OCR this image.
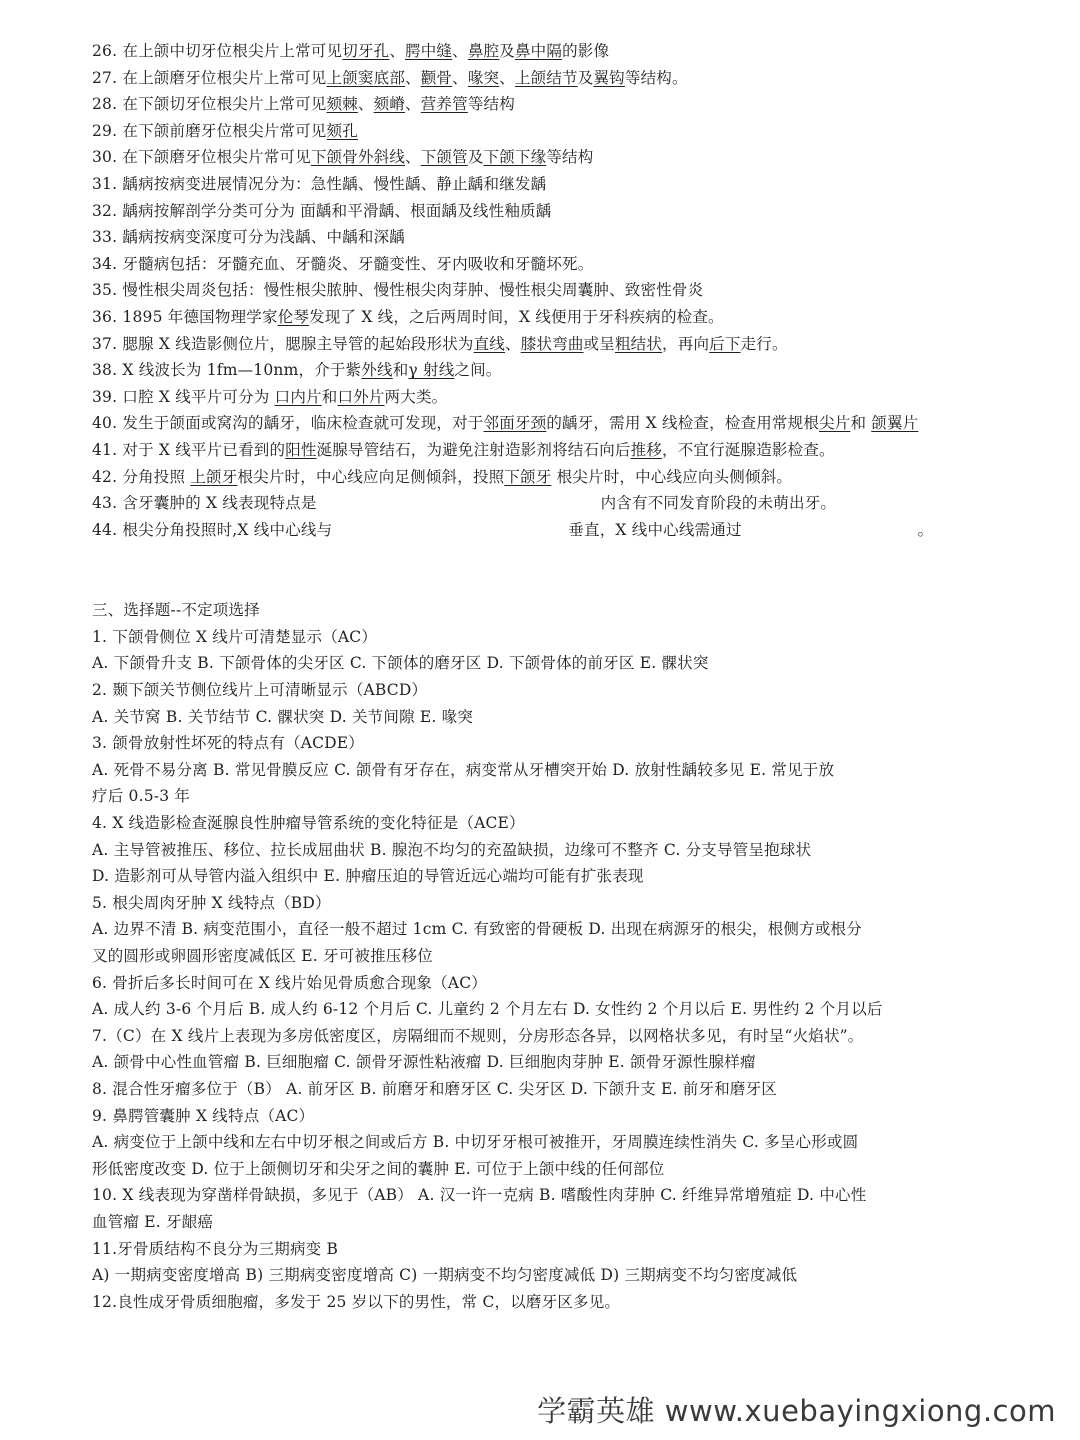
26. 在上颌中切牙位根尖片上常可见切牙孔、腭中缝、鼻腔及鼻中隔的影像
27. 在上颌磨牙位根尖片上常可见上颌窦底部、颧骨、喙突、上颌结节及翼钩等结构。
28. 在下颌切牙位根尖片上常可见颏棘、颏嵴、营养管等结构
29. 在下颌前磨牙位根尖片常可见颏孔
30. 在下颌磨牙位根尖片常可见下颌骨外斜线、下颌管及下颌下缘等结构
31. 龋病按病变进展情况分为：急性龋、慢性龋、静止龋和继发龋
32. 龋病按解剖学分类可分为 面龋和平滑龋、根面龋及线性釉质龋
33. 龋病按病变深度可分为浅龋、中龋和深龋
34. 牙髓病包括：牙髓充血、牙髓炎、牙髓变性、牙内吸收和牙髓坏死。
35. 慢性根尖周炎包括：慢性根尖脓肿、慢性根尖肉芽肿、慢性根尖周囊肿、致密性骨炎
36. 1895 年德国物理学家伦琴发现了 X 线，之后两周时间，X 线便用于牙科疾病的检查。
37. 腮腺 X 线造影侧位片，腮腺主导管的起始段形状为直线、膝状弯曲或呈粗结状，再向后下走行。
38. X 线波长为 1fm—10nm，介于紫外线和γ 射线之间。
39. 口腔 X 线平片可分为 口内片和口外片两大类。
40. 发生于颌面或窝沟的龋牙，临床检查就可发现，对于邻面牙颈的龋牙，需用 X 线检查，检查用常规根尖片和 颌翼片
41. 对于 X 线平片已看到的阳性涎腺导管结石，为避免注射造影剂将结石向后推移，不宜行涎腺造影检查。
42. 分角投照 上颌牙根尖片时，中心线应向足侧倾斜，投照下颌牙 根尖片时，中心线应向头侧倾斜。
43. 含牙囊肿的 X 线表现特点是	内含有不同发育阶段的未萌出牙。
44. 根尖分角投照时,X 线中心线与	垂直，X 线中心线需通过	。
三、选择题--不定项选择
1. 下颌骨侧位 X 线片可清楚显示（AC）
A. 下颌骨升支 B. 下颌骨体的尖牙区 C. 下颌体的磨牙区 D. 下颌骨体的前牙区 E. 髁状突
2. 颞下颌关节侧位线片上可清晰显示（ABCD）
A. 关节窝 B. 关节结节 C. 髁状突 D. 关节间隙 E. 喙突
3. 颌骨放射性坏死的特点有（ACDE）
A. 死骨不易分离 B. 常见骨膜反应 C. 颌骨有牙存在，病变常从牙槽突开始 D. 放射性龋较多见 E. 常见于放
疗后 0.5-3 年
4. X 线造影检查涎腺良性肿瘤导管系统的变化特征是（ACE）
A. 主导管被推压、移位、拉长成屈曲状 B. 腺泡不均匀的充盈缺损，边缘可不整齐 C. 分支导管呈抱球状
D. 造影剂可从导管内溢入组织中 E. 肿瘤压迫的导管近远心端均可能有扩张表现
5. 根尖周肉牙肿 X 线特点（BD）
A. 边界不清 B. 病变范围小，直径一般不超过 1cm C. 有致密的骨硬板 D. 出现在病源牙的根尖，根侧方或根分
叉的圆形或卵圆形密度减低区 E. 牙可被推压移位
6. 骨折后多长时间可在 X 线片始见骨质愈合现象（AC）
A. 成人约 3-6 个月后 B. 成人约 6-12 个月后 C. 儿童约 2 个月左右 D. 女性约 2 个月以后 E. 男性约 2 个月以后
7.（C）在 X 线片上表现为多房低密度区，房隔细而不规则，分房形态各异，以网格状多见，有时呈“火焰状”。
A. 颌骨中心性血管瘤 B. 巨细胞瘤 C. 颌骨牙源性粘液瘤 D. 巨细胞肉芽肿 E. 颌骨牙源性腺样瘤
8. 混合性牙瘤多位于（B） A. 前牙区 B. 前磨牙和磨牙区 C. 尖牙区 D. 下颌升支 E. 前牙和磨牙区
9. 鼻腭管囊肿 X 线特点（AC）
A. 病变位于上颌中线和左右中切牙根之间或后方 B. 中切牙牙根可被推开，牙周膜连续性消失 C. 多呈心形或圆
形低密度改变 D. 位于上颌侧切牙和尖牙之间的囊肿 E. 可位于上颌中线的任何部位
10. X 线表现为穿凿样骨缺损，多见于（AB） A. 汉一许一克病 B. 嗜酸性肉芽肿 C. 纤维异常增殖症 D. 中心性
血管瘤 E. 牙龈癌
11.牙骨质结构不良分为三期病变 B
A) 一期病变密度增高 B) 三期病变密度增高 C) 一期病变不均匀密度减低 D) 三期病变不均匀密度减低
12.良性成牙骨质细胞瘤，多发于 25 岁以下的男性，常 C，以磨牙区多见。
学霸英雄 www.xuebayingxiong.com
